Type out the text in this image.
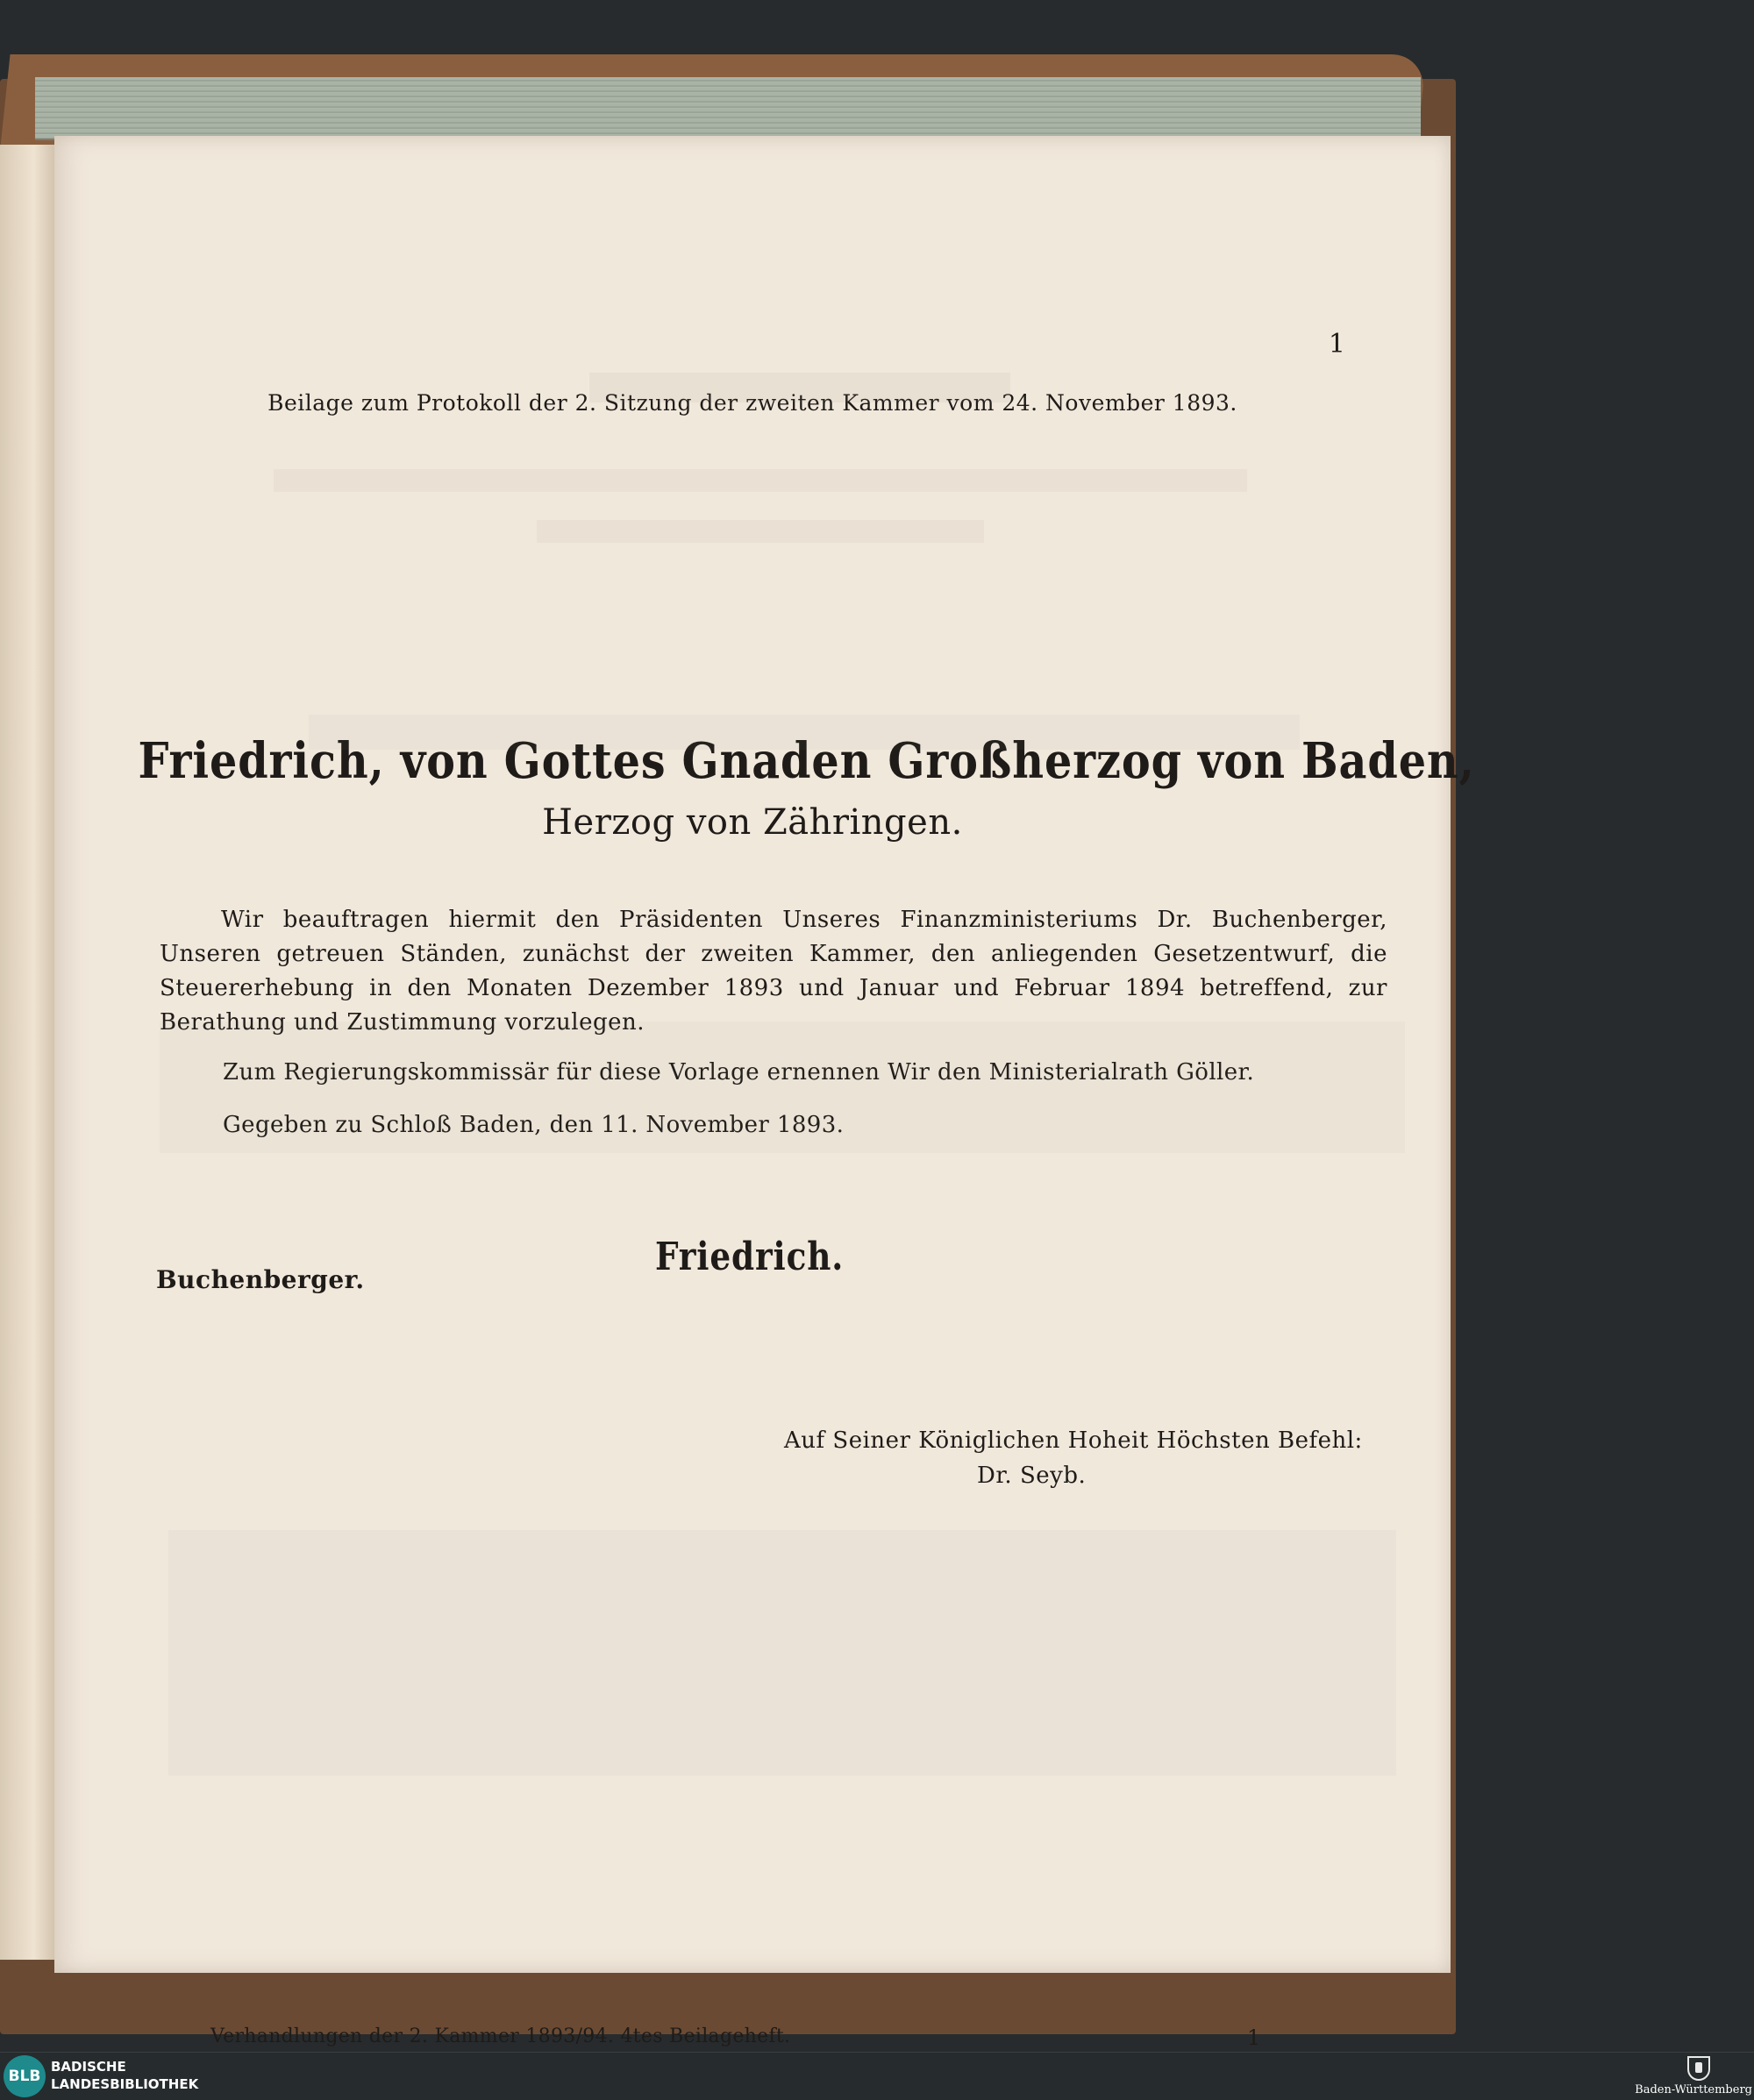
1
Beilage zum Protokoll der 2. Sitzung der zweiten Kammer vom 24. November 1893.
Friedrich, von Gottes Gnaden Großherzog von Baden,
Herzog von Zähringen.
Wir beauftragen hiermit den Präsidenten Unseres Finanzministeriums Dr. Buchenberger, Unseren getreuen Ständen, zunächst der zweiten Kammer, den anliegenden Gesetzentwurf, die Steuererhebung in den Monaten Dezember 1893 und Januar und Februar 1894 betreffend, zur Berathung und Zustimmung vorzulegen.
Zum Regierungskommissär für diese Vorlage ernennen Wir den Ministerialrath Göller.
Gegeben zu Schloß Baden, den 11. November 1893.
Friedrich.
Buchenberger.
Auf Seiner Königlichen Hoheit Höchsten Befehl:
Dr. Seyb.
Verhandlungen der 2. Kammer 1893/94. 4tes Beilageheft.	1
BLB
BADISCHE
LANDESBIBLIOTHEK	Baden-Württemberg
